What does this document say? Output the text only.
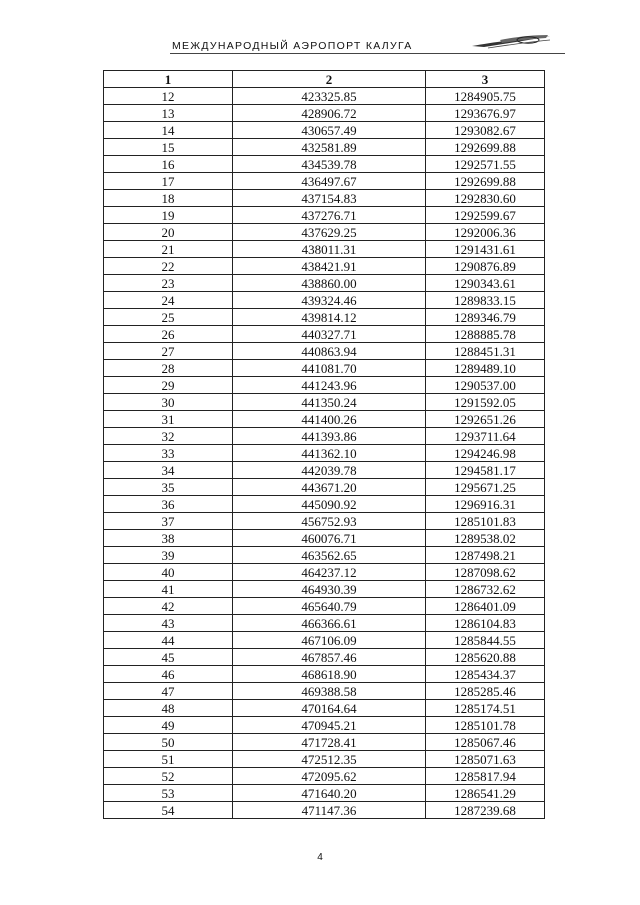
МЕЖДУНАРОДНЫЙ АЭРОПОРТ КАЛУГА
1	2	3
12	423325.85	1284905.75
13	428906.72	1293676.97
14	430657.49	1293082.67
15	432581.89	1292699.88
16	434539.78	1292571.55
17	436497.67	1292699.88
18	437154.83	1292830.60
19	437276.71	1292599.67
20	437629.25	1292006.36
21	438011.31	1291431.61
22	438421.91	1290876.89
23	438860.00	1290343.61
24	439324.46	1289833.15
25	439814.12	1289346.79
26	440327.71	1288885.78
27	440863.94	1288451.31
28	441081.70	1289489.10
29	441243.96	1290537.00
30	441350.24	1291592.05
31	441400.26	1292651.26
32	441393.86	1293711.64
33	441362.10	1294246.98
34	442039.78	1294581.17
35	443671.20	1295671.25
36	445090.92	1296916.31
37	456752.93	1285101.83
38	460076.71	1289538.02
39	463562.65	1287498.21
40	464237.12	1287098.62
41	464930.39	1286732.62
42	465640.79	1286401.09
43	466366.61	1286104.83
44	467106.09	1285844.55
45	467857.46	1285620.88
46	468618.90	1285434.37
47	469388.58	1285285.46
48	470164.64	1285174.51
49	470945.21	1285101.78
50	471728.41	1285067.46
51	472512.35	1285071.63
52	472095.62	1285817.94
53	471640.20	1286541.29
54	471147.36	1287239.68
4
